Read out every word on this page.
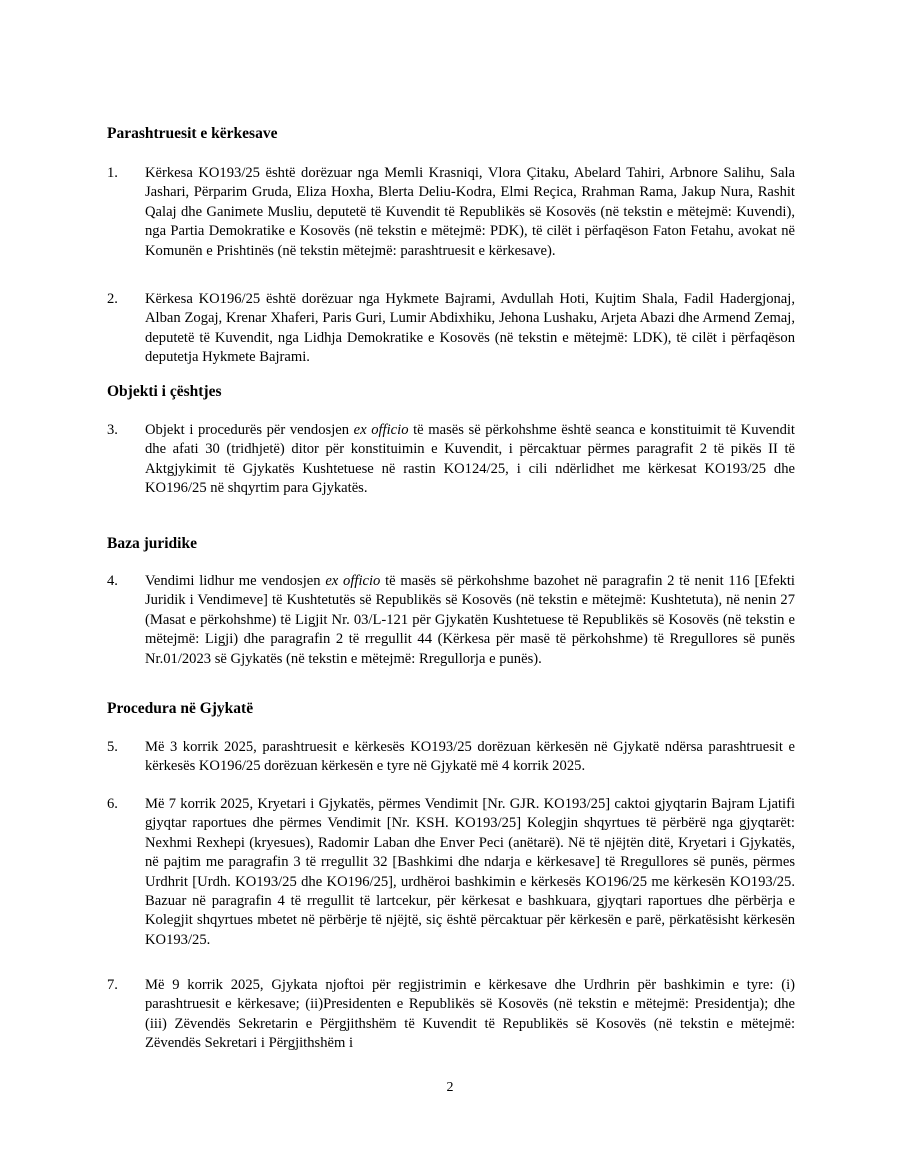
Parashtruesit e kërkesave
1. Kërkesa KO193/25 është dorëzuar nga Memli Krasniqi, Vlora Çitaku, Abelard Tahiri, Arbnore Salihu, Sala Jashari, Përparim Gruda, Eliza Hoxha, Blerta Deliu-Kodra, Elmi Reçica, Rrahman Rama, Jakup Nura, Rashit Qalaj dhe Ganimete Musliu, deputetë të Kuvendit të Republikës së Kosovës (në tekstin e mëtejmë: Kuvendi), nga Partia Demokratike e Kosovës (në tekstin e mëtejmë: PDK), të cilët i përfaqëson Faton Fetahu, avokat në Komunën e Prishtinës (në tekstin mëtejmë: parashtruesit e kërkesave).

2. Kërkesa KO196/25 është dorëzuar nga Hykmete Bajrami, Avdullah Hoti, Kujtim Shala, Fadil Hadergjonaj, Alban Zogaj, Krenar Xhaferi, Paris Guri, Lumir Abdixhiku, Jehona Lushaku, Arjeta Abazi dhe Armend Zemaj, deputetë të Kuvendit, nga Lidhja Demokratike e Kosovës (në tekstin e mëtejmë: LDK), të cilët i përfaqëson deputetja Hykmete Bajrami.

Objekti i çështjes
3. Objekt i procedurës për vendosjen ex officio të masës së përkohshme është seanca e konstituimit të Kuvendit dhe afati 30 (tridhjetë) ditor për konstituimin e Kuvendit, i përcaktuar përmes paragrafit 2 të pikës II të Aktgjykimit të Gjykatës Kushtetuese në rastin KO124/25, i cili ndërlidhet me kërkesat KO193/25 dhe KO196/25 në shqyrtim para Gjykatës.

Baza juridike
4. Vendimi lidhur me vendosjen ex officio të masës së përkohshme bazohet në paragrafin 2 të nenit 116 [Efekti Juridik i Vendimeve] të Kushtetutës së Republikës së Kosovës (në tekstin e mëtejmë: Kushtetuta), në nenin 27 (Masat e përkohshme) të Ligjit Nr. 03/L-121 për Gjykatën Kushtetuese të Republikës së Kosovës (në tekstin e mëtejmë: Ligji) dhe paragrafin 2 të rregullit 44 (Kërkesa për masë të përkohshme) të Rregullores së punës Nr.01/2023 së Gjykatës (në tekstin e mëtejmë: Rregullorja e punës).

Procedura në Gjykatë
5. Më 3 korrik 2025, parashtruesit e kërkesës KO193/25 dorëzuan kërkesën në Gjykatë ndërsa parashtruesit e kërkesës KO196/25 dorëzuan kërkesën e tyre në Gjykatë më 4 korrik 2025.

6. Më 7 korrik 2025, Kryetari i Gjykatës, përmes Vendimit [Nr. GJR. KO193/25] caktoi gjyqtarin Bajram Ljatifi gjyqtar raportues dhe përmes Vendimit [Nr. KSH. KO193/25] Kolegjin shqyrtues të përbërë nga gjyqtarët: Nexhmi Rexhepi (kryesues), Radomir Laban dhe Enver Peci (anëtarë). Në të njëjtën ditë, Kryetari i Gjykatës, në pajtim me paragrafin 3 të rregullit 32 [Bashkimi dhe ndarja e kërkesave] të Rregullores së punës, përmes Urdhrit [Urdh. KO193/25 dhe KO196/25], urdhëroi bashkimin e kërkesës KO196/25 me kërkesën KO193/25. Bazuar në paragrafin 4 të rregullit të lartcekur, për kërkesat e bashkuara, gjyqtari raportues dhe përbërja e Kolegjit shqyrtues mbetet në përbërje të njëjtë, siç është përcaktuar për kërkesën e parë, përkatësisht kërkesën KO193/25.

7. Më 9 korrik 2025, Gjykata njoftoi për regjistrimin e kërkesave dhe Urdhrin për bashkimin e tyre: (i) parashtruesit e kërkesave; (ii)Presidenten e Republikës së Kosovës (në tekstin e mëtejmë: Presidentja); dhe (iii) Zëvendës Sekretarin e Përgjithshëm të Kuvendit të Republikës së Kosovës (në tekstin e mëtejmë: Zëvendës Sekretari i Përgjithshëm i

2
